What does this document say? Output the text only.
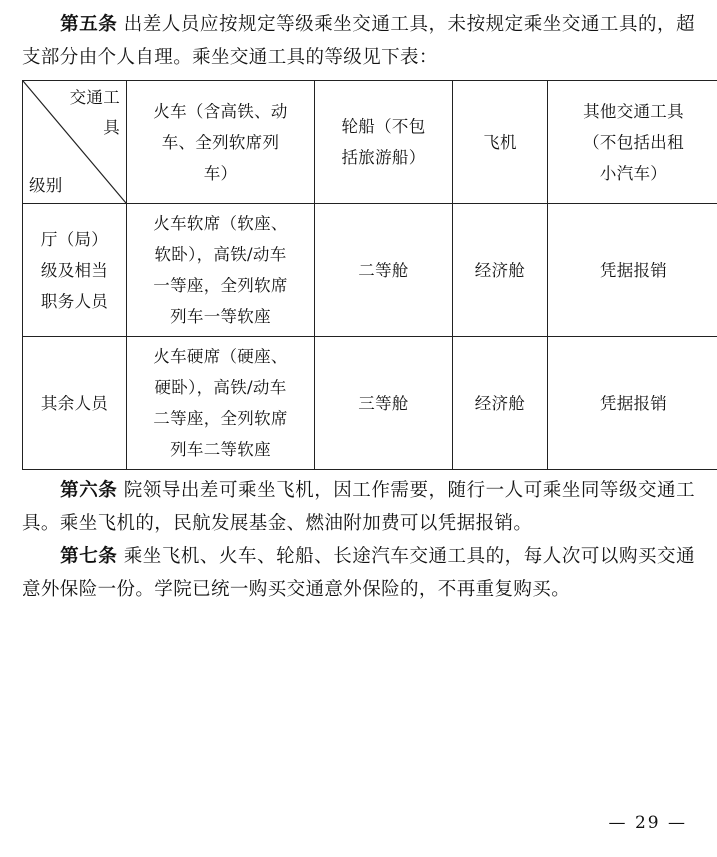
第五条 出差人员应按规定等级乘坐交通工具，未按规定乘坐交通工具的，超支部分由个人自理。乘坐交通工具的等级见下表：

交通工具
级别	火车（含高铁、动
车、全列软席列
车）	轮船（不包
括旅游船）	飞机	其他交通工具
（不包括出租
小汽车）

厅（局）
级及相当
职务人员	火车软席（软座、
软卧），高铁/动车
一等座，全列软席
列车一等软座	二等舱	经济舱	凭据报销

其余人员	火车硬席（硬座、
硬卧），高铁/动车
二等座，全列软席
列车二等软座	三等舱	经济舱	凭据报销

第六条 院领导出差可乘坐飞机，因工作需要，随行一人可乘坐同等级交通工具。乘坐飞机的，民航发展基金、燃油附加费可以凭据报销。

第七条 乘坐飞机、火车、轮船、长途汽车交通工具的，每人次可以购买交通意外保险一份。学院已统一购买交通意外保险的，不再重复购买。

— 29 —
